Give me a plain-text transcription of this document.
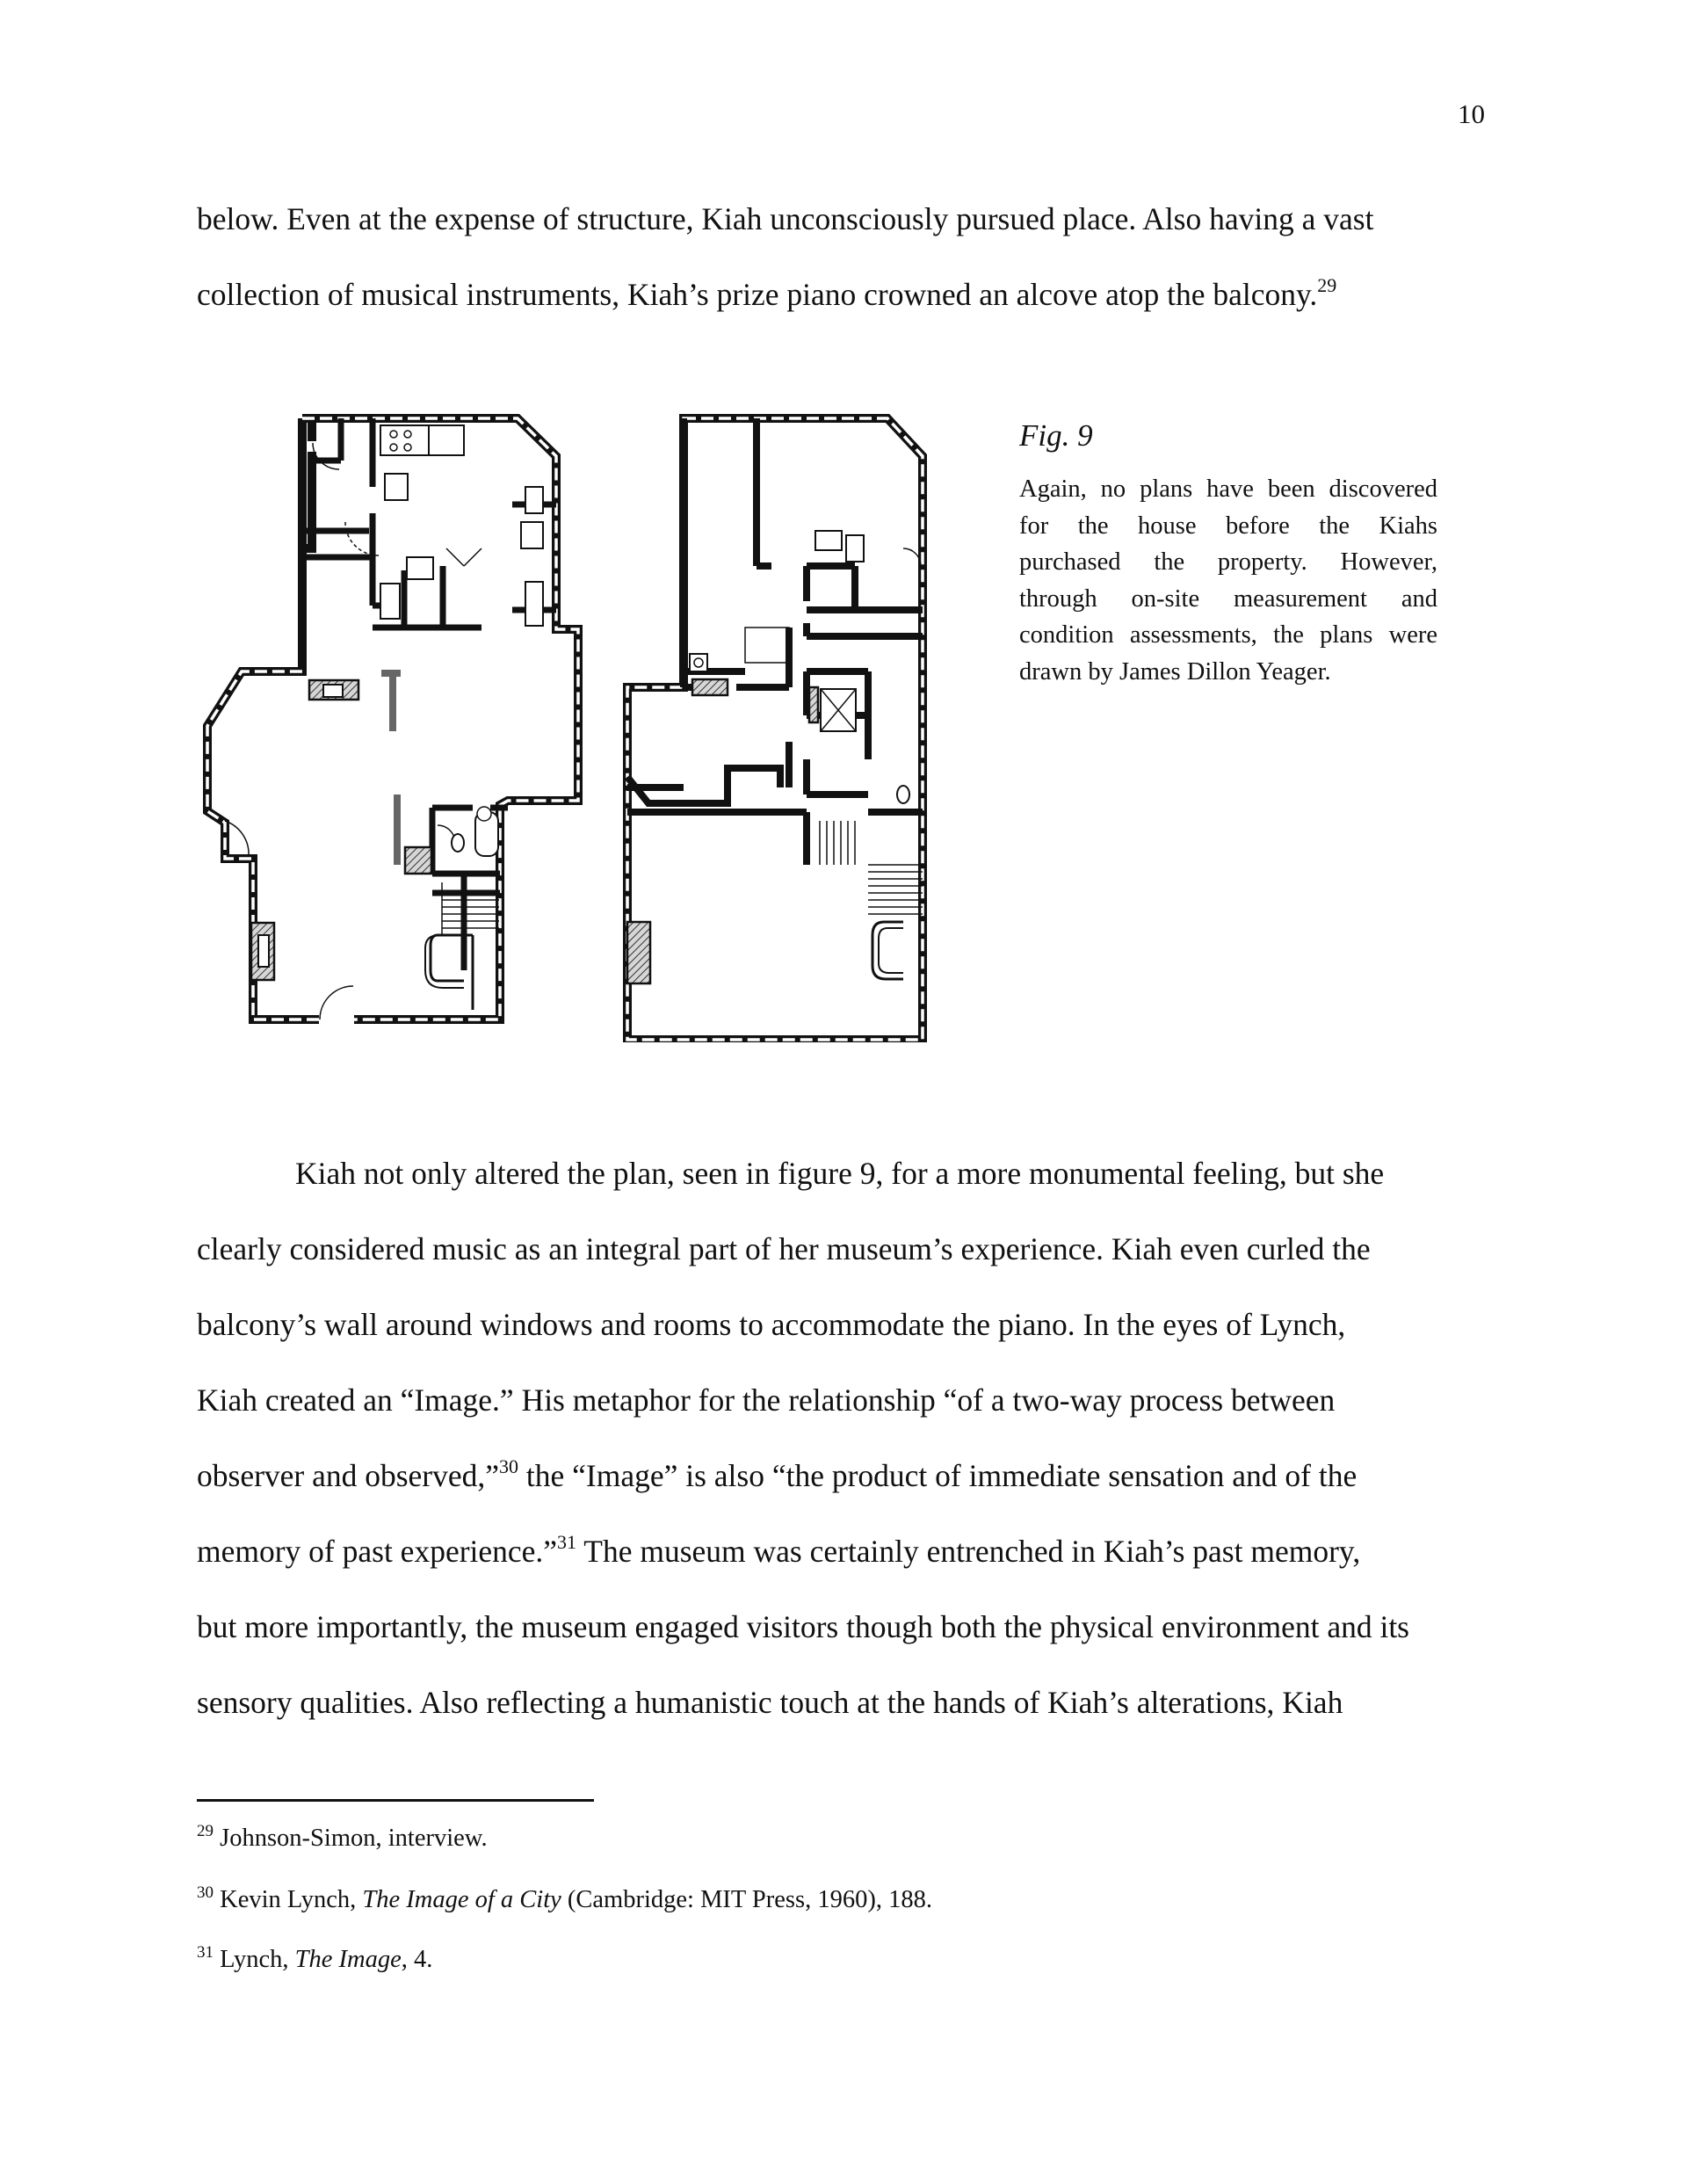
10
below. Even at the expense of structure, Kiah unconsciously pursued place. Also having a vast
collection of musical instruments, Kiah’s prize piano crowned an alcove atop the balcony.$^{29}$
Fig. 9
Again, no plans have been discovered
for the house before the Kiahs
purchased the property. However,
through on-site measurement and
condition assessments, the plans were
drawn by James Dillon Yeager.
Kiah not only altered the plan, seen in figure 9, for a more monumental feeling, but she
clearly considered music as an integral part of her museum’s experience. Kiah even curled the
balcony’s wall around windows and rooms to accommodate the piano. In the eyes of Lynch,
Kiah created an “Image.” His metaphor for the relationship “of a two-way process between
observer and observed,”$^{30}$ the “Image” is also “the product of immediate sensation and of the
memory of past experience.”$^{31}$ The museum was certainly entrenched in Kiah’s past memory,
but more importantly, the museum engaged visitors though both the physical environment and its
sensory qualities. Also reflecting a humanistic touch at the hands of Kiah’s alterations, Kiah
$^{29}$ Johnson-Simon, interview.
$^{30}$ Kevin Lynch, The Image of a City (Cambridge: MIT Press, 1960), 188.
$^{31}$ Lynch, The Image, 4.
